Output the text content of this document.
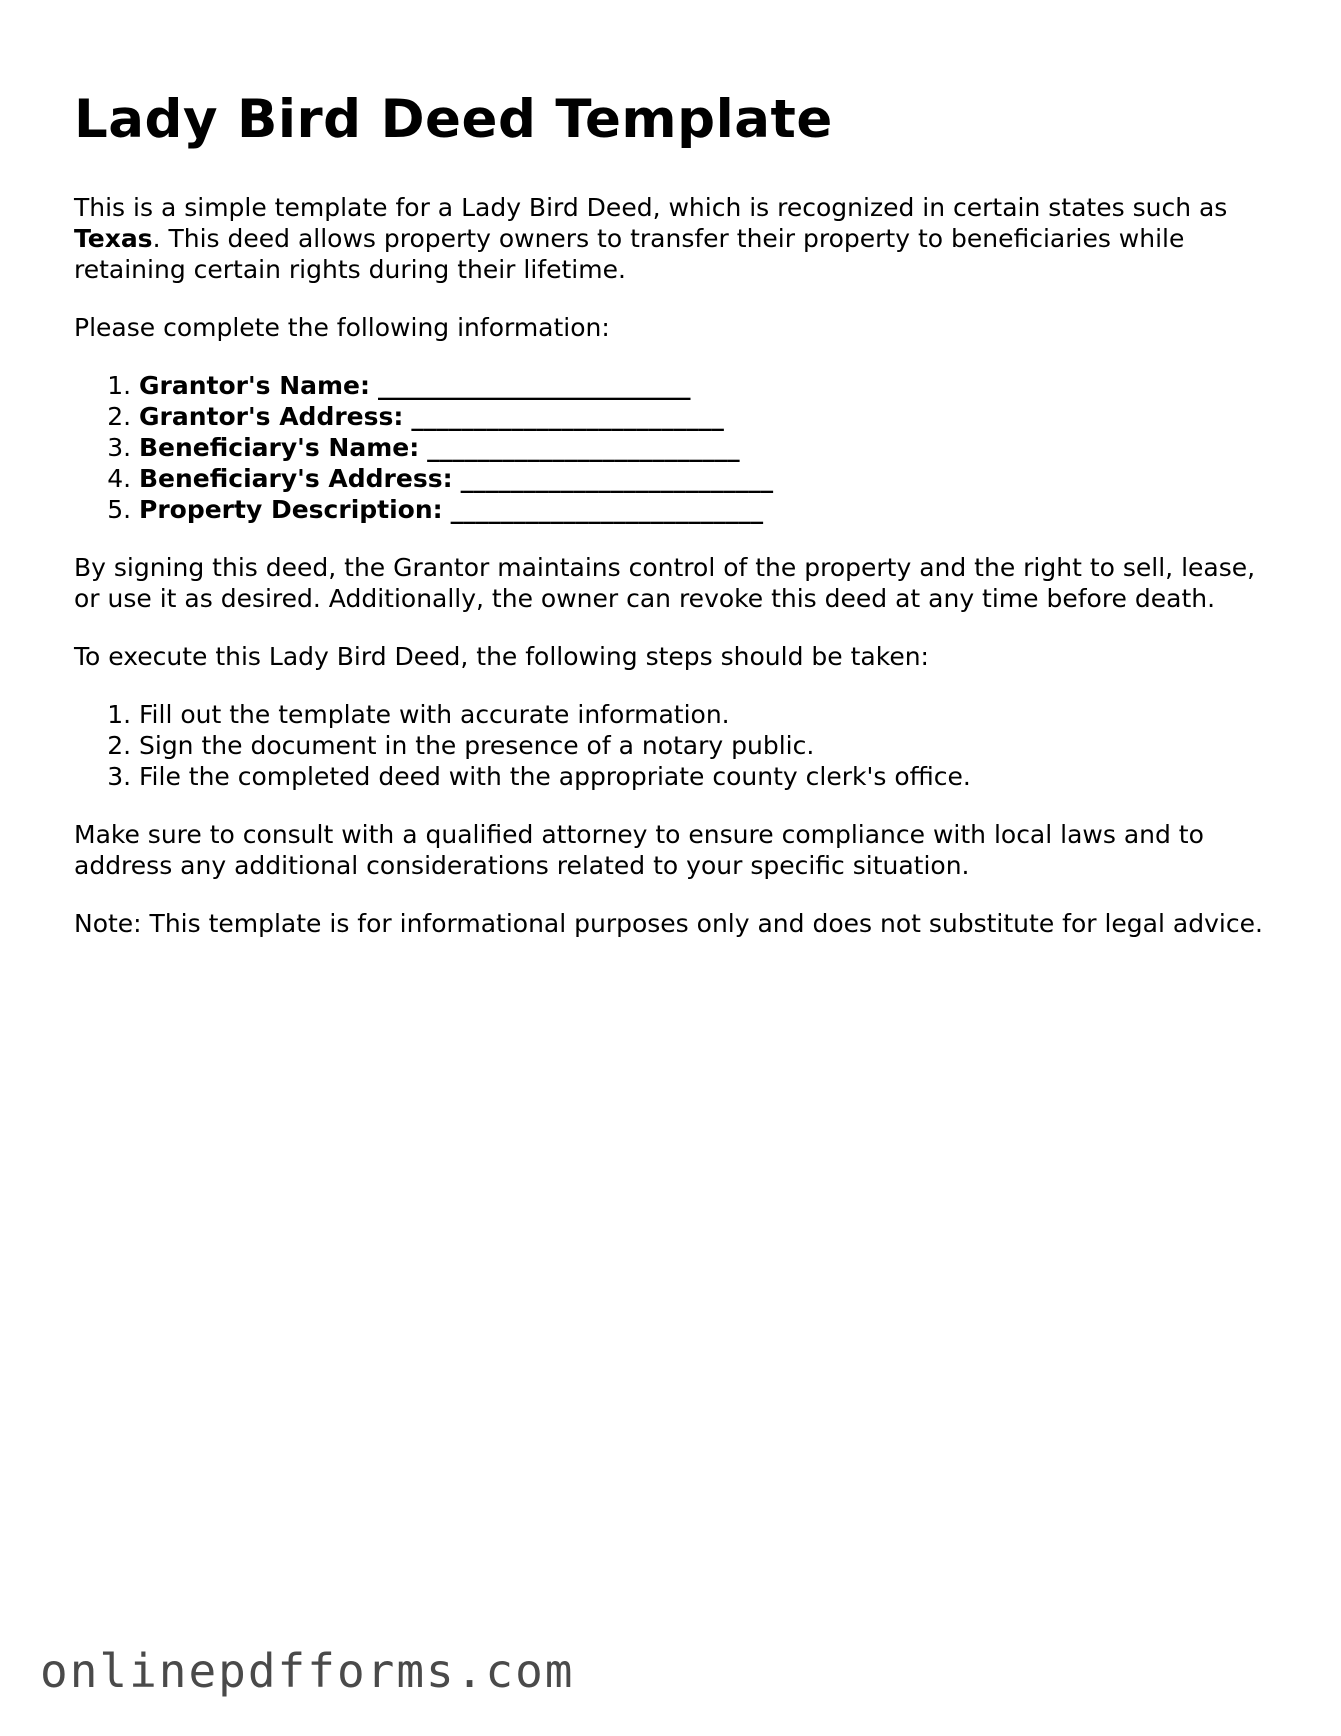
Lady Bird Deed Template

This is a simple template for a Lady Bird Deed, which is recognized in certain states such as Texas. This deed allows property owners to transfer their property to beneficiaries while retaining certain rights during their lifetime.

Please complete the following information:

1. Grantor's Name: _________________________
2. Grantor's Address: _________________________
3. Beneficiary's Name: _________________________
4. Beneficiary's Address: _________________________
5. Property Description: _________________________

By signing this deed, the Grantor maintains control of the property and the right to sell, lease, or use it as desired. Additionally, the owner can revoke this deed at any time before death.

To execute this Lady Bird Deed, the following steps should be taken:

1. Fill out the template with accurate information.
2. Sign the document in the presence of a notary public.
3. File the completed deed with the appropriate county clerk's office.

Make sure to consult with a qualified attorney to ensure compliance with local laws and to address any additional considerations related to your specific situation.

Note: This template is for informational purposes only and does not substitute for legal advice.

onlinepdfforms.com
